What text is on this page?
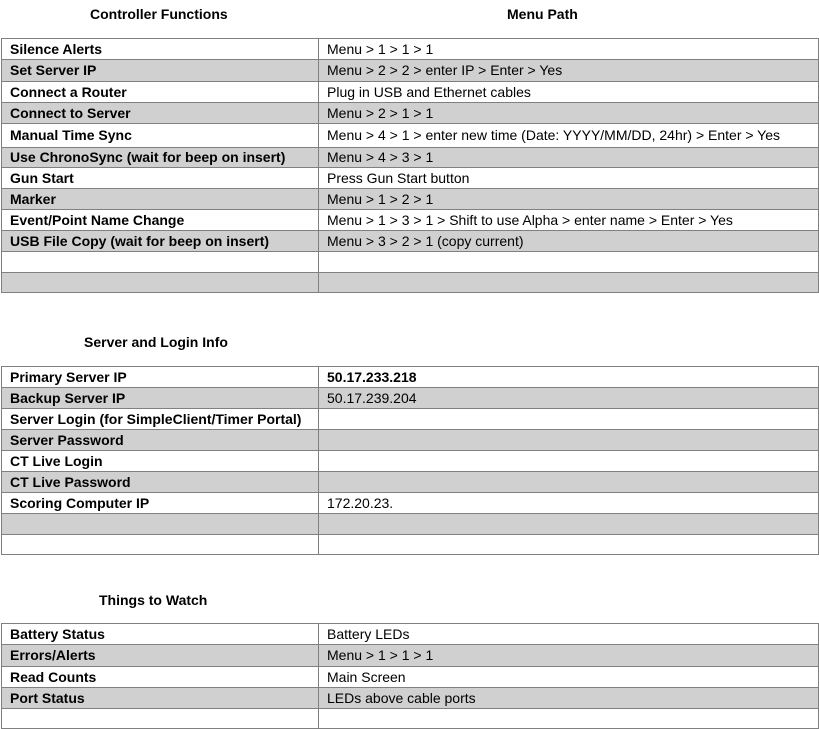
Controller Functions	Menu Path
Silence Alerts	Menu > 1 > 1 > 1
Set Server IP	Menu > 2 > 2 > enter IP > Enter > Yes
Connect a Router	Plug in USB and Ethernet cables
Connect to Server	Menu > 2 > 1 > 1
Manual Time Sync	Menu > 4 > 1 > enter new time (Date: YYYY/MM/DD, 24hr) > Enter > Yes
Use ChronoSync (wait for beep on insert)	Menu > 4 > 3 > 1
Gun Start	Press Gun Start button
Marker	Menu > 1 > 2 > 1
Event/Point Name Change	Menu > 1 > 3 > 1 > Shift to use Alpha > enter name > Enter > Yes
USB File Copy (wait for beep on insert)	Menu > 3 > 2 > 1 (copy current)

Server and Login Info
Primary Server IP	50.17.233.218
Backup Server IP	50.17.239.204
Server Login (for SimpleClient/Timer Portal)	
Server Password	
CT Live Login	
CT Live Password	
Scoring Computer IP	172.20.23.

Things to Watch
Battery Status	Battery LEDs
Errors/Alerts	Menu > 1 > 1 > 1
Read Counts	Main Screen
Port Status	LEDs above cable ports
